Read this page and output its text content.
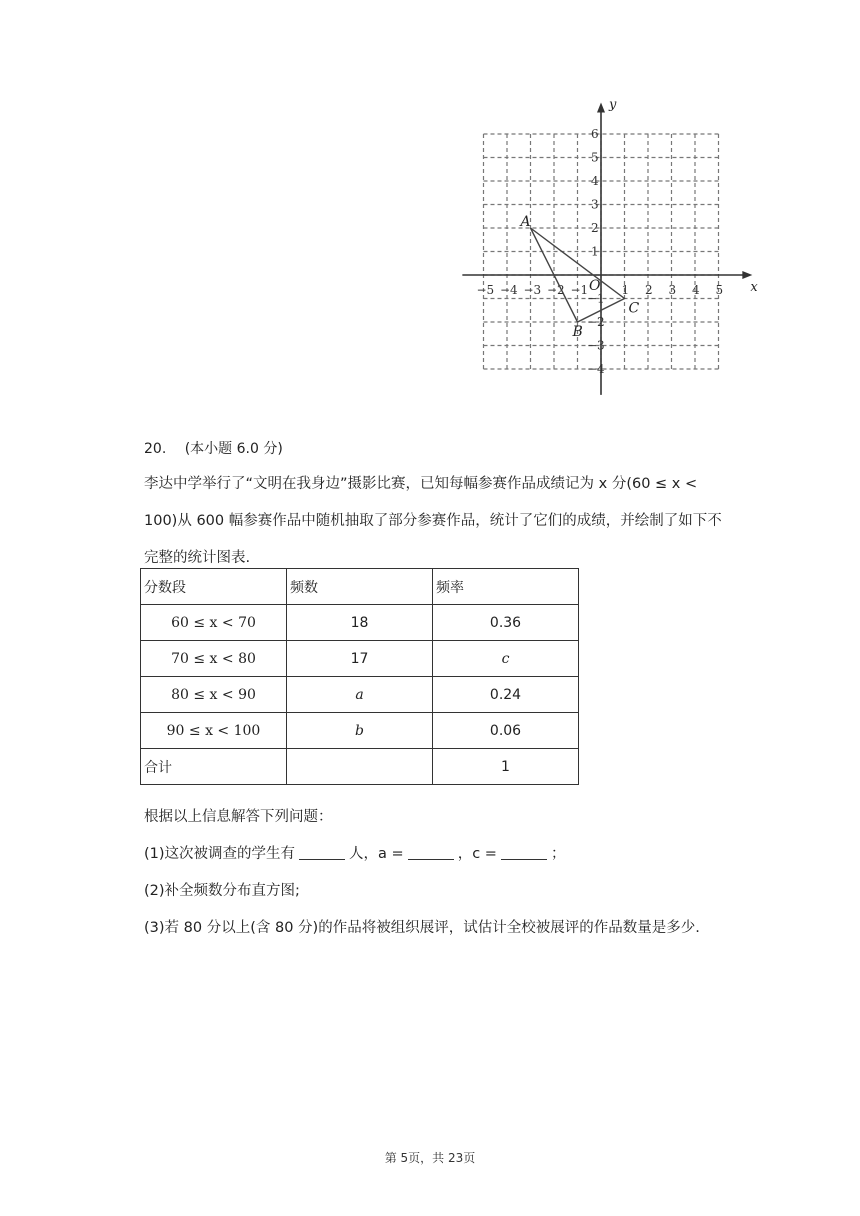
x
y
O
−5 −4 −3 −2 −1	1 2 3 4 5
6
5
4
3
2
1
−1
−2
−3
−4
A
B
C
20. (本小题 6.0 分)
李达中学举行了“文明在我身边”摄影比赛，已知每幅参赛作品成绩记为 x 分(60 ≤ x < 100)从 600 幅参赛作品中随机抽取了部分参赛作品，统计了它们的成绩，并绘制了如下不完整的统计图表.
分数段	频数	频率
60 ≤ x < 70	18	0.36
70 ≤ x < 80	17	c
80 ≤ x < 90	a	0.24
90 ≤ x < 100	b	0.06
合计		1
根据以上信息解答下列问题：
(1)这次被调查的学生有	人，a =	，c =	；
(2)补全频数分布直方图;
(3)若 80 分以上(含 80 分)的作品将被组织展评，试估计全校被展评的作品数量是多少.
第 5页，共 23页
